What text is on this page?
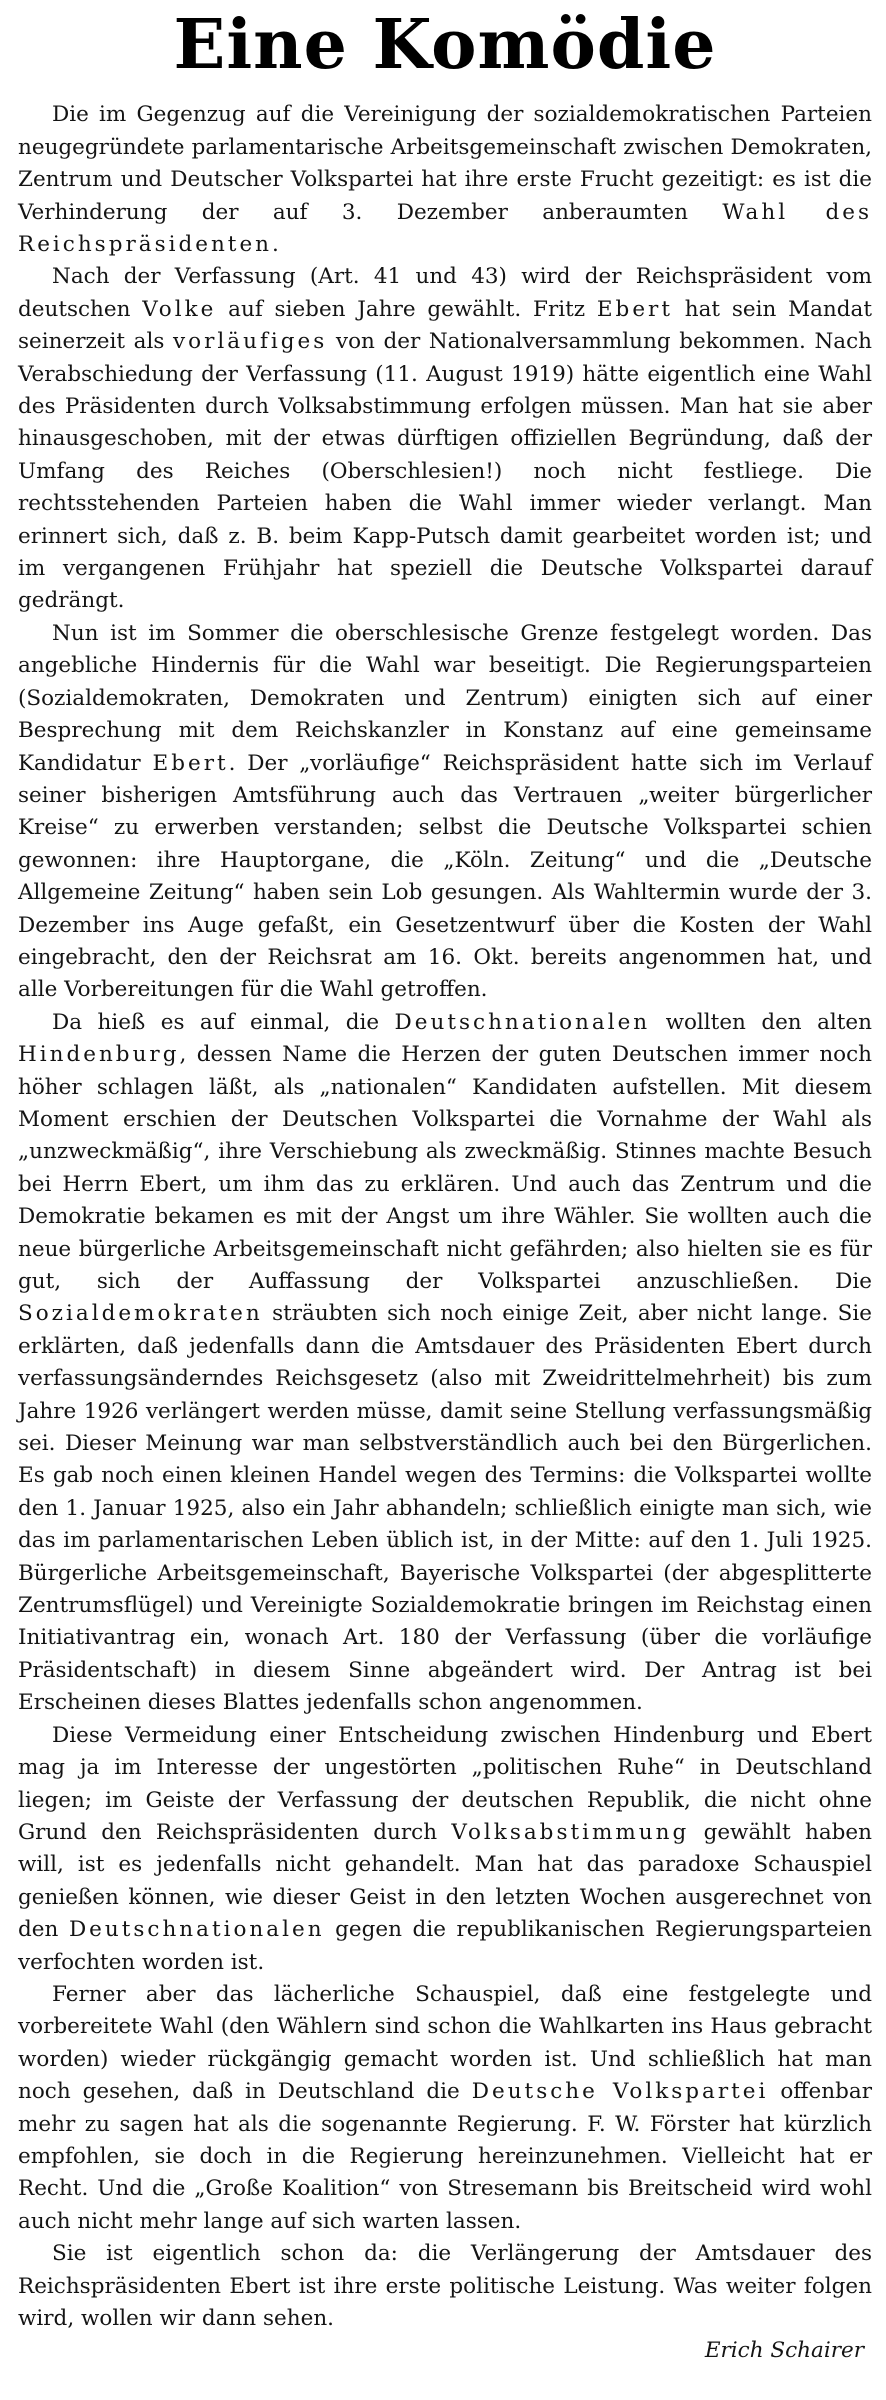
Eine Komödie

Die im Gegenzug auf die Vereinigung der sozialdemokratischen Parteien neugegründete parlamentarische Arbeitsgemeinschaft zwischen Demokraten, Zentrum und Deutscher Volkspartei hat ihre erste Frucht gezeitigt: es ist die Verhinderung der auf 3. Dezember anberaumten Wahl des Reichspräsidenten.

Nach der Verfassung (Art. 41 und 43) wird der Reichspräsident vom deutschen Volke auf sieben Jahre gewählt. Fritz Ebert hat sein Mandat seinerzeit als vorläufiges von der Nationalversammlung bekommen. Nach Verabschiedung der Verfassung (11. August 1919) hätte eigentlich eine Wahl des Präsidenten durch Volksabstimmung erfolgen müssen. Man hat sie aber hinausgeschoben, mit der etwas dürftigen offiziellen Begründung, daß der Umfang des Reiches (Oberschlesien!) noch nicht festliege. Die rechtsstehenden Parteien haben die Wahl immer wieder verlangt. Man erinnert sich, daß z. B. beim Kapp-Putsch damit gearbeitet worden ist; und im vergangenen Frühjahr hat speziell die Deutsche Volkspartei darauf gedrängt.

Nun ist im Sommer die oberschlesische Grenze festgelegt worden. Das angebliche Hindernis für die Wahl war beseitigt. Die Regierungsparteien (Sozialdemokraten, Demokraten und Zentrum) einigten sich auf einer Besprechung mit dem Reichskanzler in Konstanz auf eine gemeinsame Kandidatur Ebert. Der „vorläufige“ Reichspräsident hatte sich im Verlauf seiner bisherigen Amtsführung auch das Vertrauen „weiter bürgerlicher Kreise“ zu erwerben verstanden; selbst die Deutsche Volkspartei schien gewonnen: ihre Hauptorgane, die „Köln. Zeitung“ und die „Deutsche Allgemeine Zeitung“ haben sein Lob gesungen. Als Wahltermin wurde der 3. Dezember ins Auge gefaßt, ein Gesetzentwurf über die Kosten der Wahl eingebracht, den der Reichsrat am 16. Okt. bereits angenommen hat, und alle Vorbereitungen für die Wahl getroffen.

Da hieß es auf einmal, die Deutschnationalen wollten den alten Hindenburg, dessen Name die Herzen der guten Deutschen immer noch höher schlagen läßt, als „nationalen“ Kandidaten aufstellen. Mit diesem Moment erschien der Deutschen Volkspartei die Vornahme der Wahl als „unzweckmäßig“, ihre Verschiebung als zweckmäßig. Stinnes machte Besuch bei Herrn Ebert, um ihm das zu erklären. Und auch das Zentrum und die Demokratie bekamen es mit der Angst um ihre Wähler. Sie wollten auch die neue bürgerliche Arbeitsgemeinschaft nicht gefährden; also hielten sie es für gut, sich der Auffassung der Volkspartei anzuschließen. Die Sozialdemokraten sträubten sich noch einige Zeit, aber nicht lange. Sie erklärten, daß jedenfalls dann die Amtsdauer des Präsidenten Ebert durch verfassungsänderndes Reichsgesetz (also mit Zweidrittelmehrheit) bis zum Jahre 1926 verlängert werden müsse, damit seine Stellung verfassungsmäßig sei. Dieser Meinung war man selbstverständlich auch bei den Bürgerlichen. Es gab noch einen kleinen Handel wegen des Termins: die Volkspartei wollte den 1. Januar 1925, also ein Jahr abhandeln; schließlich einigte man sich, wie das im parlamentarischen Leben üblich ist, in der Mitte: auf den 1. Juli 1925. Bürgerliche Arbeitsgemeinschaft, Bayerische Volkspartei (der abgesplitterte Zentrumsflügel) und Vereinigte Sozialdemokratie bringen im Reichstag einen Initiativantrag ein, wonach Art. 180 der Verfassung (über die vorläufige Präsidentschaft) in diesem Sinne abgeändert wird. Der Antrag ist bei Erscheinen dieses Blattes jedenfalls schon angenommen.

Diese Vermeidung einer Entscheidung zwischen Hindenburg und Ebert mag ja im Interesse der ungestörten „politischen Ruhe“ in Deutschland liegen; im Geiste der Verfassung der deutschen Republik, die nicht ohne Grund den Reichspräsidenten durch Volksabstimmung gewählt haben will, ist es jedenfalls nicht gehandelt. Man hat das paradoxe Schauspiel genießen können, wie dieser Geist in den letzten Wochen ausgerechnet von den Deutschnationalen gegen die republikanischen Regierungsparteien verfochten worden ist.

Ferner aber das lächerliche Schauspiel, daß eine festgelegte und vorbereitete Wahl (den Wählern sind schon die Wahlkarten ins Haus gebracht worden) wieder rückgängig gemacht worden ist. Und schließlich hat man noch gesehen, daß in Deutschland die Deutsche Volkspartei offenbar mehr zu sagen hat als die sogenannte Regierung. F. W. Förster hat kürzlich empfohlen, sie doch in die Regierung hereinzunehmen. Vielleicht hat er Recht. Und die „Große Koalition“ von Stresemann bis Breitscheid wird wohl auch nicht mehr lange auf sich warten lassen.

Sie ist eigentlich schon da: die Verlängerung der Amtsdauer des Reichspräsidenten Ebert ist ihre erste politische Leistung. Was weiter folgen wird, wollen wir dann sehen.

Erich Schairer
